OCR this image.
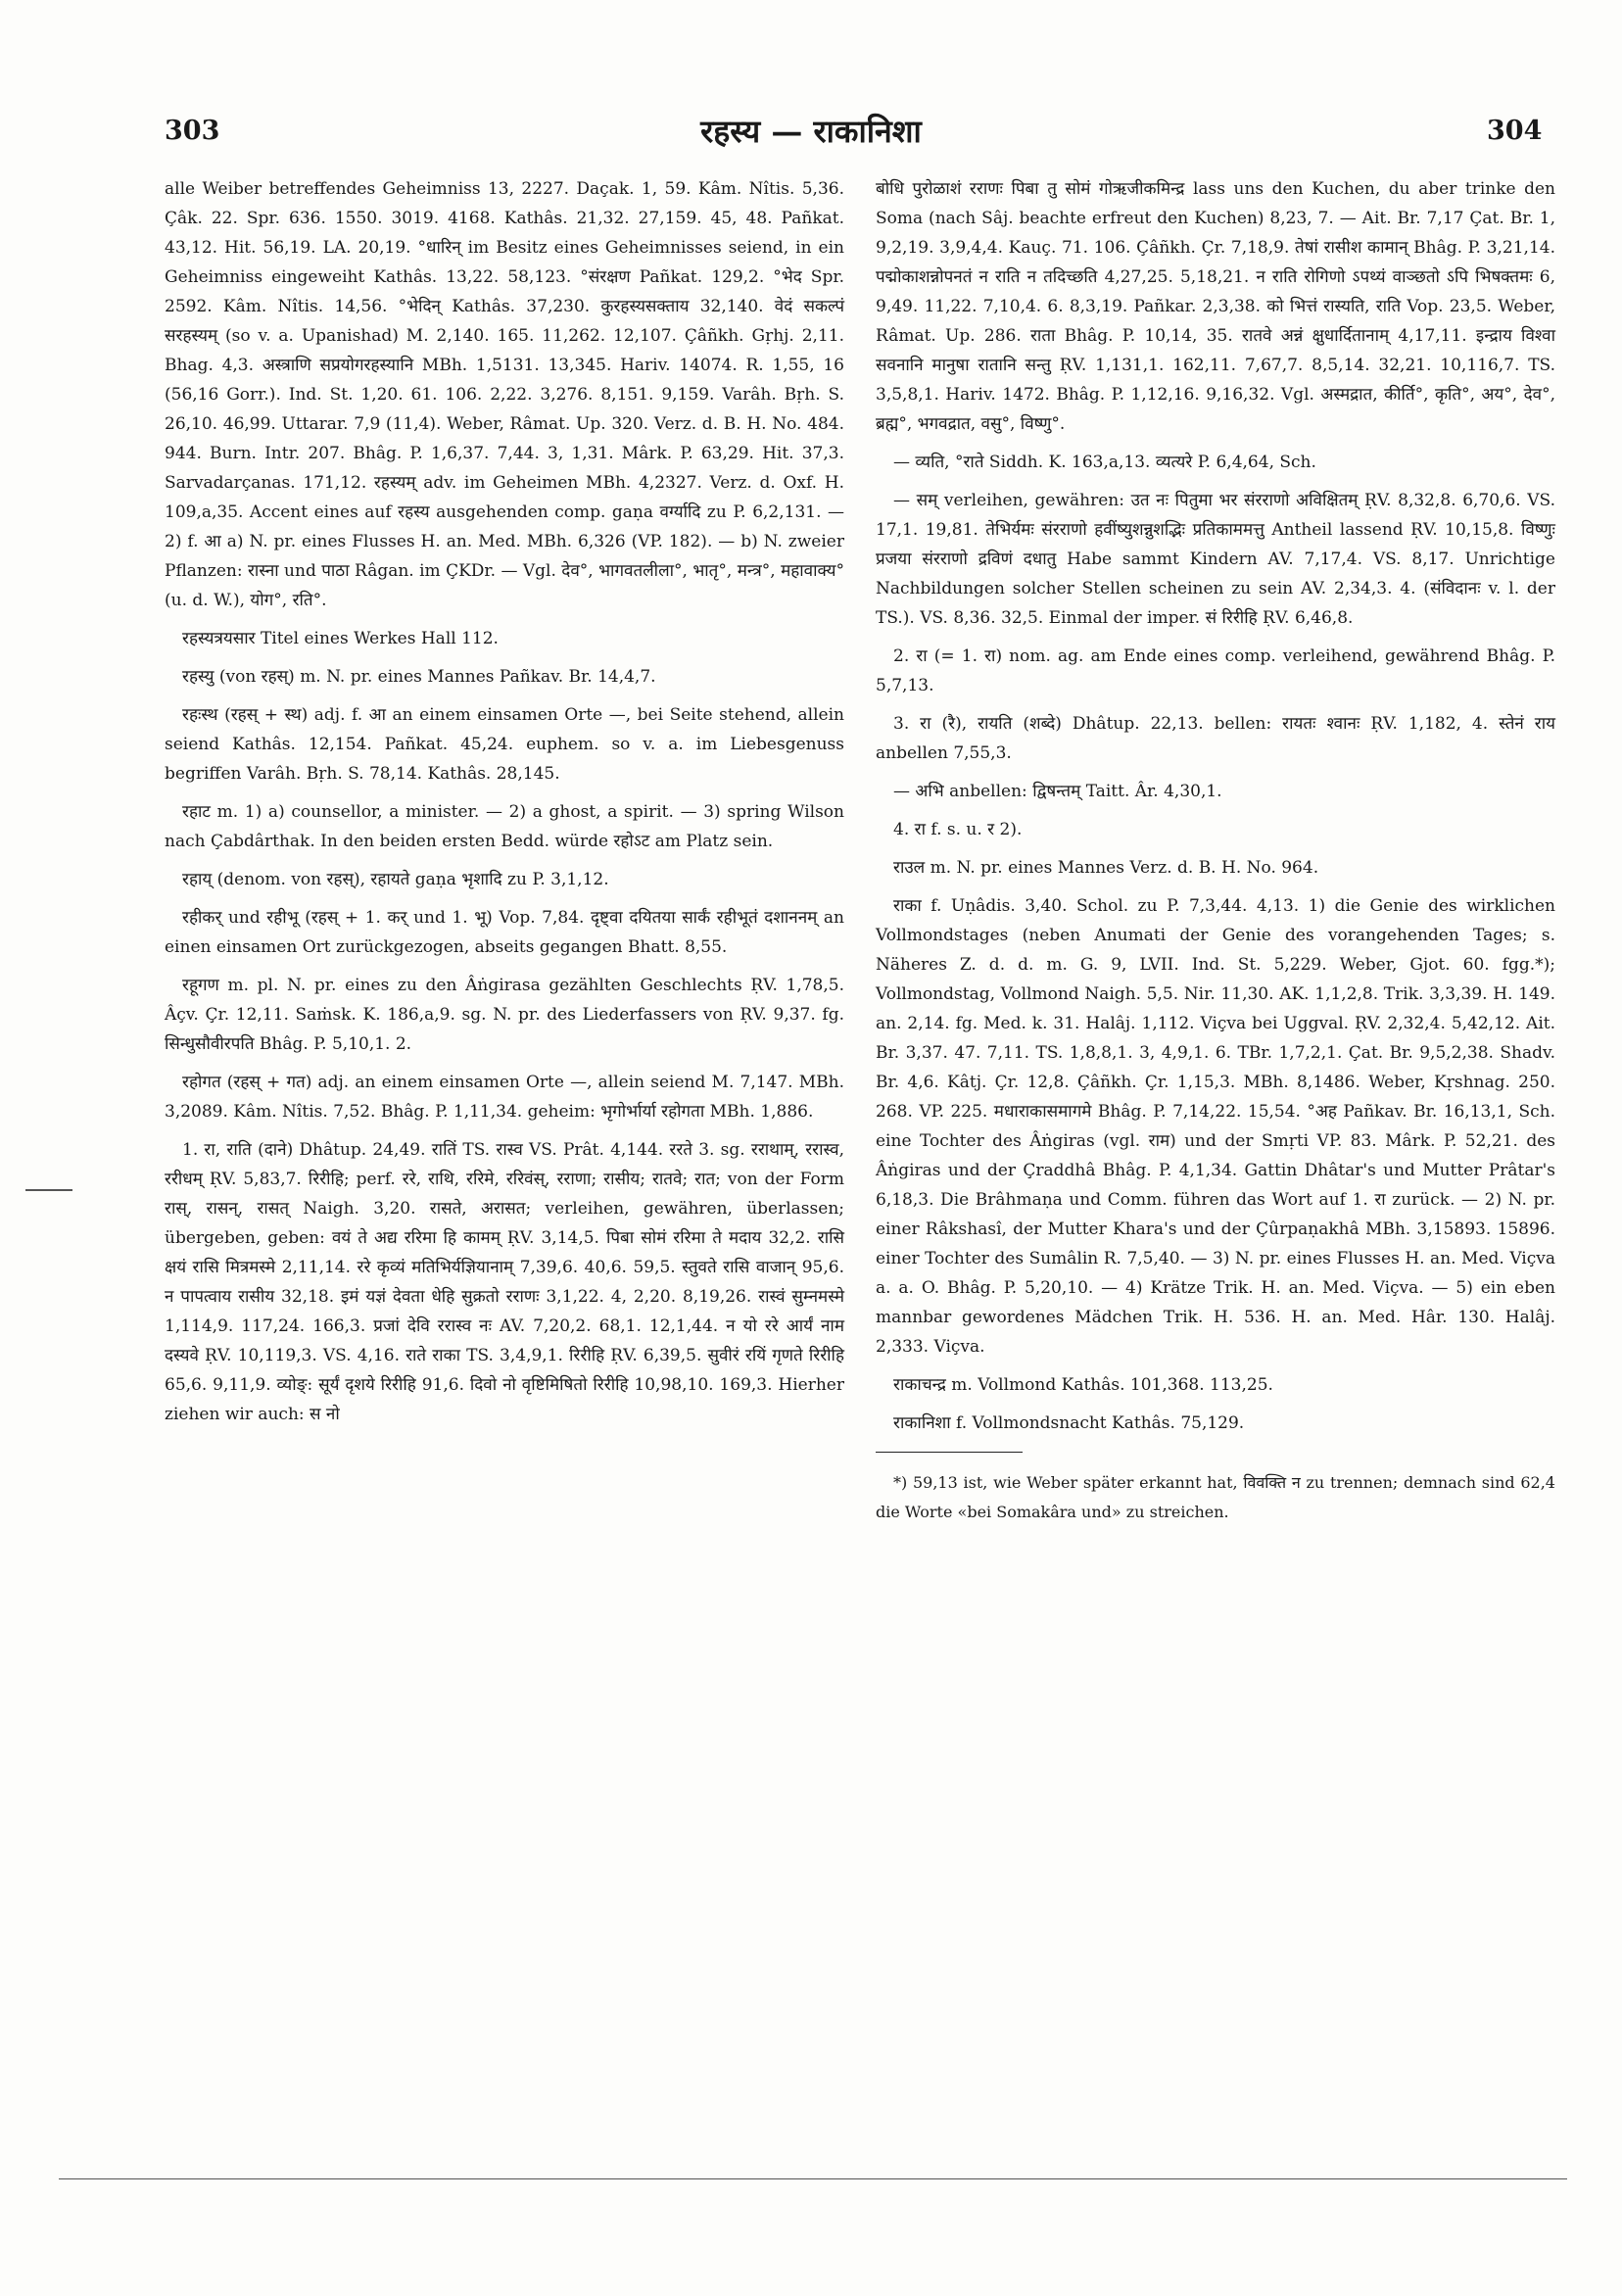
303	रहस्य — राकानिशा	304

alle Weiber betreffendes Geheimniss 13, 2227. Daçak. 1, 59. Kâm. Nîtis. 5,36. Çâk. 22. Spr. 636. 1550. 3019. 4168. Kathâs. 21,32. 27,159. 45, 48. Pañkat. 43,12. Hit. 56,19. LA. 20,19. °धारिन् im Besitz eines Geheimnisses seiend, in ein Geheimniss eingeweiht Kathâs. 13,22. 58,123. °संरक्षण Pañkat. 129,2. °भेद Spr. 2592. Kâm. Nîtis. 14,56. °भेदिन् Kathâs. 37,230. कुरहस्यसक्ताय 32,140. वेदं सकल्पं सरहस्यम् (so v. a. Upanishad) M. 2,140. 165. 11,262. 12,107. Çâñkh. Gṛhj. 2,11. Bhag. 4,3. अस्त्राणि सप्रयोगरहस्यानि MBh. 1,5131. 13,345. Hariv. 14074. R. 1,55, 16 (56,16 Gorr.). Ind. St. 1,20. 61. 106. 2,22. 3,276. 8,151. 9,159. Varâh. Bṛh. S. 26,10. 46,99. Uttarar. 7,9 (11,4). Weber, Râmat. Up. 320. Verz. d. B. H. No. 484. 944. Burn. Intr. 207. Bhâg. P. 1,6,37. 7,44. 3, 1,31. Mârk. P. 63,29. Hit. 37,3. Sarvadarçanas. 171,12. रहस्यम् adv. im Geheimen MBh. 4,2327. Verz. d. Oxf. H. 109,a,35. Accent eines auf रहस्य ausgehenden comp. gaṇa वर्ग्यादि zu P. 6,2,131. — 2) f. आ a) N. pr. eines Flusses H. an. Med. MBh. 6,326 (VP. 182). — b) N. zweier Pflanzen: रास्ना und पाठा Râgan. im ÇKDr. — Vgl. देव°, भागवतलीला°, भातृ°, मन्त्र°, महावाक्य° (u. d. W.), योग°, रति°.

रहस्यत्रयसार Titel eines Werkes Hall 112.

रहस्यु (von रहस्) m. N. pr. eines Mannes Pañkav. Br. 14,4,7.

रहःस्थ (रहस् + स्थ) adj. f. आ an einem einsamen Orte —, bei Seite stehend, allein seiend Kathâs. 12,154. Pañkat. 45,24. euphem. so v. a. im Liebesgenuss begriffen Varâh. Bṛh. S. 78,14. Kathâs. 28,145.

रहाट m. 1) a) counsellor, a minister. — 2) a ghost, a spirit. — 3) spring Wilson nach Çabdârthak. In den beiden ersten Bedd. würde रहोऽट am Platz sein.

रहाय् (denom. von रहस्), रहायते gaṇa भृशादि zu P. 3,1,12.

रहीकर् und रहीभू (रहस् + 1. कर् und 1. भू) Vop. 7,84. दृष्ट्वा दयितया सार्कं रहीभूतं दशाननम् an einen einsamen Ort zurückgezogen, abseits gegangen Bhatt. 8,55.

रहूगण m. pl. N. pr. eines zu den Âṅgirasa gezählten Geschlechts ṚV. 1,78,5. Âçv. Çr. 12,11. Saṁsk. K. 186,a,9. sg. N. pr. des Liederfassers von ṚV. 9,37. fg. सिन्धुसौवीरपति Bhâg. P. 5,10,1. 2.

रहोगत (रहस् + गत) adj. an einem einsamen Orte —, allein seiend M. 7,147. MBh. 3,2089. Kâm. Nîtis. 7,52. Bhâg. P. 1,11,34. geheim: भृगोर्भार्या रहोगता MBh. 1,886.

1. रा, राति (दाने) Dhâtup. 24,49. रातिं TS. रास्व VS. Prât. 4,144. ररते 3. sg. रराथाम्, ररास्व, ररीधम् ṚV. 5,83,7. रिरीहि; perf. ररे, राथि, ररिमे, ररिवंस्, रराणा; रासीय; रातवे; रात; von der Form रास्, रासन्, रासत् Naigh. 3,20. रासते, अरासत; verleihen, gewähren, überlassen; übergeben, geben: वयं ते अद्य ररिमा हि कामम् ṚV. 3,14,5. पिबा सोमं ररिमा ते मदाय 32,2. रासि क्षयं रासि मित्रमस्मे 2,11,14. ररे कृव्यं मतिभिर्यज्ञियानाम् 7,39,6. 40,6. 59,5. स्तुवते रासि वाजान् 95,6. न पापत्वाय रासीय 32,18. इमं यज्ञं देवता धेहि सुक्रतो रराणः 3,1,22. 4, 2,20. 8,19,26. रास्वं सुम्नमस्मे 1,114,9. 117,24. 166,3. प्रजां देवि ररास्व नः AV. 7,20,2. 68,1. 12,1,44. न यो ररे आर्यं नाम दस्यवे ṚV. 10,119,3. VS. 4,16. राते राका TS. 3,4,9,1. रिरीहि ṚV. 6,39,5. सुवीरं रयिं गृणते रिरीहि 65,6. 9,11,9. व्योङ्: सूर्यं दृशये रिरीहि 91,6. दिवो नो वृष्टिमिषितो रिरीहि 10,98,10. 169,3. Hierher ziehen wir auch: स नो

बोधि पुरोळाशं रराणः पिबा तु सोमं गोऋजीकमिन्द्र lass uns den Kuchen, du aber trinke den Soma (nach Sâj. beachte erfreut den Kuchen) 8,23, 7. — Ait. Br. 7,17 Çat. Br. 1, 9,2,19. 3,9,4,4. Kauç. 71. 106. Çâñkh. Çr. 7,18,9. तेषां रासीश कामान् Bhâg. P. 3,21,14. पद्मोकाशन्नोपनतं न राति न तदिच्छति 4,27,25. 5,18,21. न राति रोगिणो ऽपथ्यं वाञ्छतो ऽपि भिषक्तमः 6, 9,49. 11,22. 7,10,4. 6. 8,3,19. Pañkar. 2,3,38. को भित्तं रास्यति, राति Vop. 23,5. Weber, Râmat. Up. 286. राता Bhâg. P. 10,14, 35. रातवे अन्नं क्षुधार्दितानाम् 4,17,11. इन्द्राय विश्वा सवनानि मानुषा रातानि सन्तु ṚV. 1,131,1. 162,11. 7,67,7. 8,5,14. 32,21. 10,116,7. TS. 3,5,8,1. Hariv. 1472. Bhâg. P. 1,12,16. 9,16,32. Vgl. अस्मद्रात, कीर्ति°, कृति°, अय°, देव°, ब्रह्म°, भगवद्रात, वसु°, विष्णु°.

— व्यति, °राते Siddh. K. 163,a,13. व्यत्यरे P. 6,4,64, Sch.

— सम् verleihen, gewähren: उत नः पितुमा भर संरराणो अविक्षितम् ṚV. 8,32,8. 6,70,6. VS. 17,1. 19,81. तेभिर्यमः संरराणो हवींष्युशन्नुशद्भिः प्रतिकाममत्तु Antheil lassend ṚV. 10,15,8. विष्णुः प्रजया संरराणो द्रविणं दधातु Habe sammt Kindern AV. 7,17,4. VS. 8,17. Unrichtige Nachbildungen solcher Stellen scheinen zu sein AV. 2,34,3. 4. (संविदानः v. l. der TS.). VS. 8,36. 32,5. Einmal der imper. सं रिरीहि ṚV. 6,46,8.

2. रा (= 1. रा) nom. ag. am Ende eines comp. verleihend, gewährend Bhâg. P. 5,7,13.

3. रा (रै), रायति (शब्दे) Dhâtup. 22,13. bellen: रायतः श्वानः ṚV. 1,182, 4. स्तेनं राय anbellen 7,55,3.

— अभि anbellen: द्विषन्तम् Taitt. Âr. 4,30,1.

4. रा f. s. u. र 2).

राउल m. N. pr. eines Mannes Verz. d. B. H. No. 964.

राका f. Uṇâdis. 3,40. Schol. zu P. 7,3,44. 4,13. 1) die Genie des wirklichen Vollmondstages (neben Anumati der Genie des vorangehenden Tages; s. Näheres Z. d. d. m. G. 9, LVII. Ind. St. 5,229. Weber, Gjot. 60. fgg.*); Vollmondstag, Vollmond Naigh. 5,5. Nir. 11,30. AK. 1,1,2,8. Trik. 3,3,39. H. 149. an. 2,14. fg. Med. k. 31. Halâj. 1,112. Viçva bei Uggval. ṚV. 2,32,4. 5,42,12. Ait. Br. 3,37. 47. 7,11. TS. 1,8,8,1. 3, 4,9,1. 6. TBr. 1,7,2,1. Çat. Br. 9,5,2,38. Shadv. Br. 4,6. Kâtj. Çr. 12,8. Çâñkh. Çr. 1,15,3. MBh. 8,1486. Weber, Kṛshnag. 250. 268. VP. 225. मधाराकासमागमे Bhâg. P. 7,14,22. 15,54. °अह Pañkav. Br. 16,13,1, Sch. eine Tochter des Âṅgiras (vgl. राम) und der Smṛti VP. 83. Mârk. P. 52,21. des Âṅgiras und der Çraddhâ Bhâg. P. 4,1,34. Gattin Dhâtar's und Mutter Prâtar's 6,18,3. Die Brâhmaṇa und Comm. führen das Wort auf 1. रा zurück. — 2) N. pr. einer Râkshasî, der Mutter Khara's und der Çûrpaṇakhâ MBh. 3,15893. 15896. einer Tochter des Sumâlin R. 7,5,40. — 3) N. pr. eines Flusses H. an. Med. Viçva a. a. O. Bhâg. P. 5,20,10. — 4) Krätze Trik. H. an. Med. Viçva. — 5) ein eben mannbar gewordenes Mädchen Trik. H. 536. H. an. Med. Hâr. 130. Halâj. 2,333. Viçva.

राकाचन्द्र m. Vollmond Kathâs. 101,368. 113,25.

राकानिशा f. Vollmondsnacht Kathâs. 75,129.

*) 59,13 ist, wie Weber später erkannt hat, विवक्ति न zu trennen; demnach sind 62,4 die Worte «bei Somakâra und» zu streichen.
